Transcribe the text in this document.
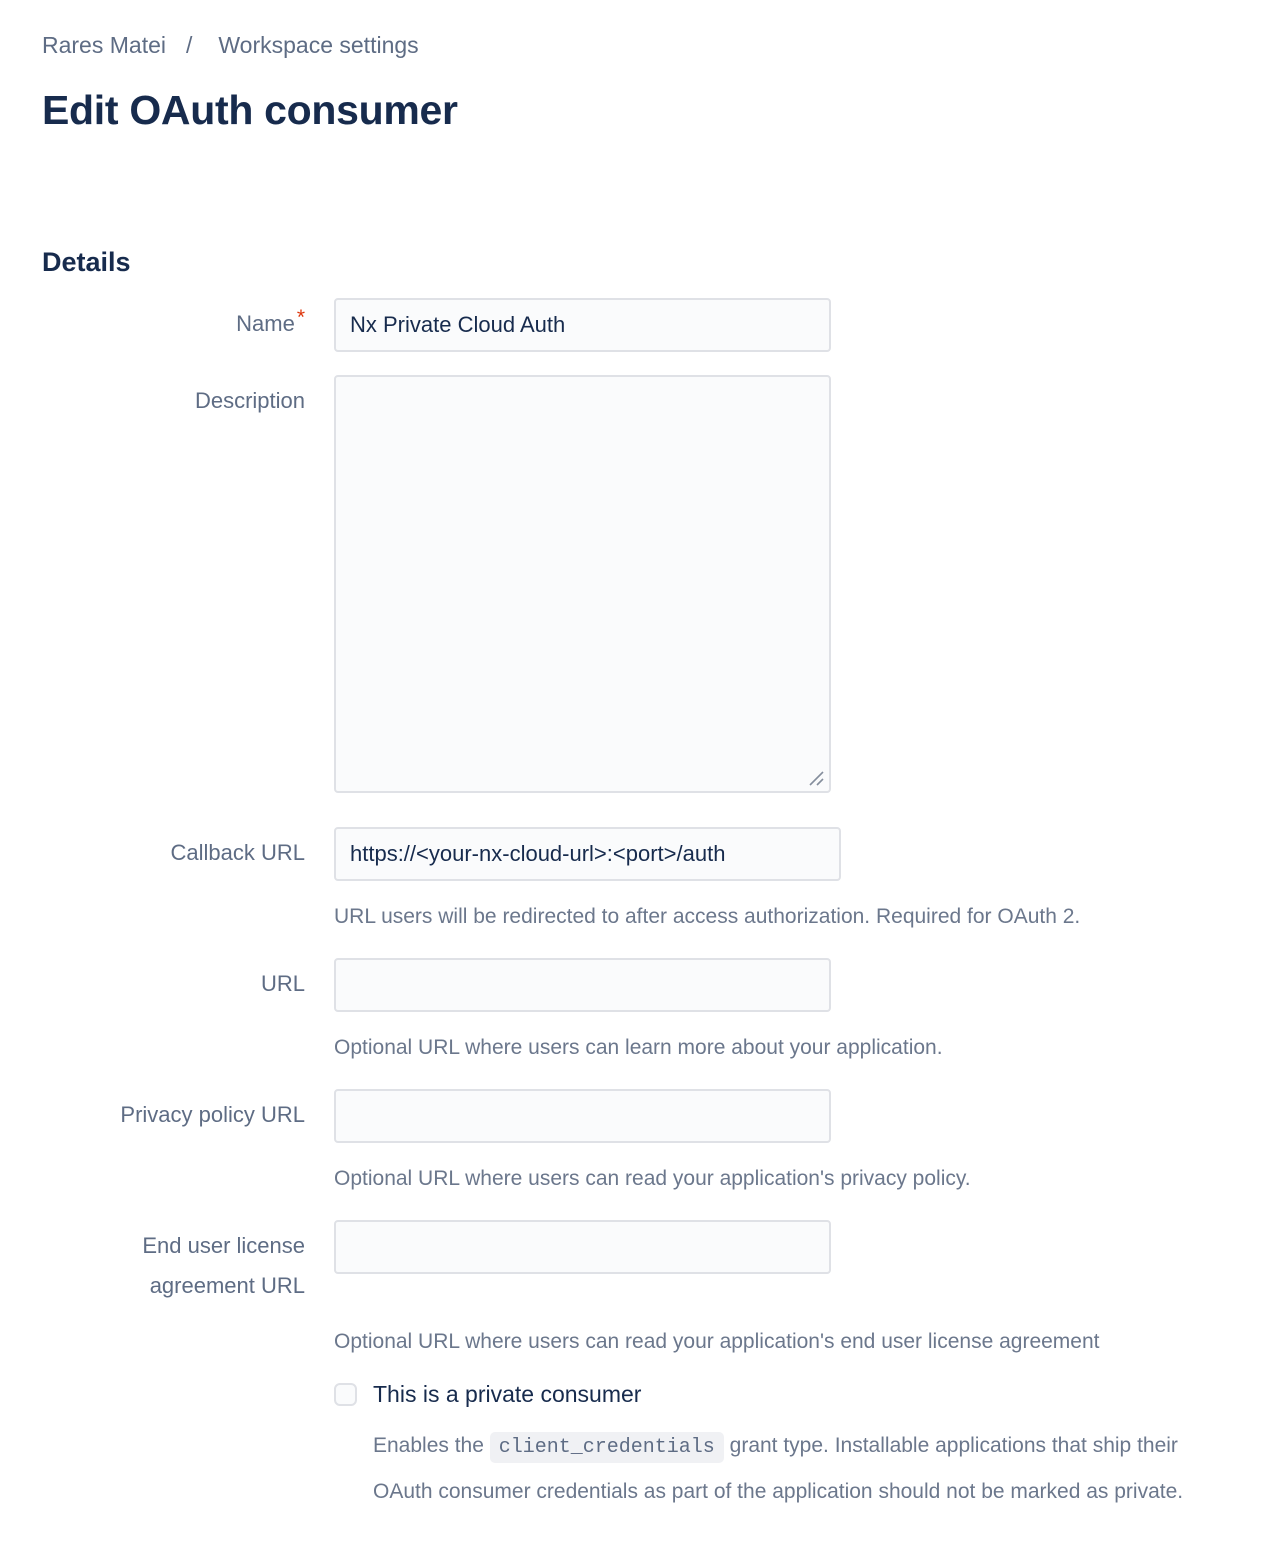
Rares Matei / Workspace settings
Edit OAuth consumer
Details
Name*
Nx Private Cloud Auth
Description
Callback URL
https://<your-nx-cloud-url>:<port>/auth

URL users will be redirected to after access authorization. Required for OAuth 2.

URL

Optional URL where users can learn more about your application.

Privacy policy URL

Optional URL where users can read your application's privacy policy.

End user license agreement URL

Optional URL where users can read your application's end user license agreement

This is a private consumer

Enables the client_credentials grant type. Installable applications that ship their OAuth consumer credentials as part of the application should not be marked as private.
